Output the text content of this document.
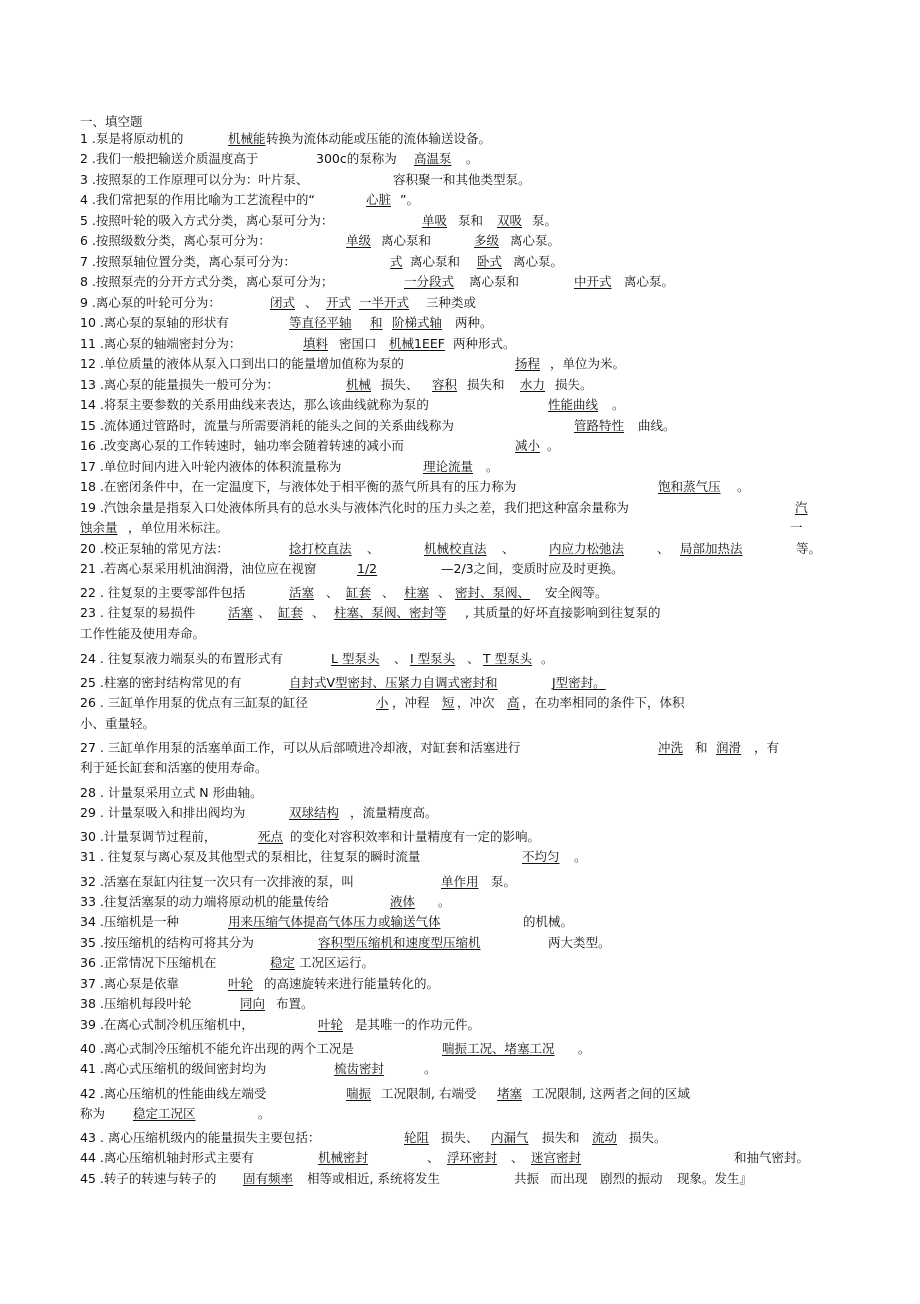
一、填空题
1 .泵是将原动机的	机械能 转换为流体动能或压能的流体输送设备。
2 .我们一般把输送介质温度高于	300c的泵称为 高温泵 。
3 .按照泵的工作原理可以分为：叶片泵、	容积聚一和其他类型泵。
4 .我们常把泵的作用比喻为工艺流程中的“	心脏 ”。
5 .按照叶轮的吸入方式分类，离心泵可分为：	单吸 泵和 双吸 泵。
6 .按照级数分类，离心泵可分为：	单级 离心泵和	多级 离心泵。
7 .按照泵轴位置分类，离心泵可分为：	式 离心泵和 卧式 离心泵。
8 .按照泵壳的分开方式分类，离心泵可分为；	一分段式 离心泵和	中开式 离心泵。
9 .离心泵的叶轮可分为：	闭式 、 开式 一半开式 三种类或
10 .离心泵的泵轴的形状有	等直径平轴 和 阶梯式轴 两种。
11 .离心泵的轴端密封分为：	填料 密国口 机械1EEF 两种形式。
12 .单位质量的液体从泵入口到出口的能量增加值称为泵的	扬程 ，单位为米。
13 .离心泵的能量损失一般可分为：	机械 损失、 容积 损失和 水力 损失。
14 .将泵主要参数的关系用曲线来表达，那么该曲线就称为泵的	性能曲线 。
15 .流体通过管路时，流量与所需要消耗的能头之间的关系曲线称为	管路特性 曲线。
16 .改变离心泵的工作转速时，轴功率会随着转速的减小而	减小 。
17 .单位时间内进入叶轮内液体的体积流量称为	理论流量 。
18 .在密闭条件中，在一定温度下，与液体处于相平衡的蒸气所具有的压力称为	饱和蒸气压 。
19 .汽蚀余量是指泵入口处液体所具有的总水头与液体汽化时的压力头之差，我们把这种富余量称为	汽
蚀余量 ，单位用米标注。	一
20 .校正泵轴的常见方法：	捻打校直法 、	机械校直法 、	内应力松弛法	、 局部加热法	等。
21 .若离心泵采用机油润滑，油位应在视窗	1/2	—2/3之间，变质时应及时更换。
22 . 往复泵的主要零部件包括	活塞 、 缸套 、 柱塞 、 密封、泵阀、 安全阀等。
23 . 往复泵的易损件	活塞 、 缸套 、 柱塞、泵阀、密封等 , 其质量的好坏直接影响到往复泵的
工作性能及使用寿命。
24 . 往复泵液力端泵头的布置形式有	L 型泵头 、 I 型泵头 、 T 型泵头 。
25 .柱塞的密封结构常见的有	自封式V型密封、压紧力自调式密封和	J型密封。
26 . 三缸单作用泵的优点有三缸泵的缸径	小 ，冲程 短 ，冲次 高 ，在功率相同的条件下，体积
小、重量轻。
27 . 三缸单作用泵的活塞单面工作，可以从后部喷进冷却液，对缸套和活塞进行	冲洗 和 润滑 ，有
利于延长缸套和活塞的使用寿命。
28 . 计量泵采用立式 N 形曲轴。
29 . 计量泵吸入和排出阀均为	双球结构 ，流量精度高。
30 .计量泵调节过程前，	死点 的变化对容积效率和计量精度有一定的影响。
31 . 往复泵与离心泵及其他型式的泵相比，往复泵的瞬时流量	不均匀 。
32 .活塞在泵缸内往复一次只有一次排液的泵，叫	单作用 泵。
33 .往复活塞泵的动力端将原动机的能量传给	液体 。
34 .压缩机是一种	用来压缩气体提高气体压力或输送气体	的机械。
35 .按压缩机的结构可将其分为	容积型压缩机和速度型压缩机	两大类型。
36 .正常情况下压缩机在	稳定 工况区运行。
37 .离心泵是依靠	叶轮 的高速旋转来进行能量转化的。
38 .压缩机每段叶轮	同向 布置。
39 .在离心式制冷机压缩机中，	叶轮 是其唯一的作功元件。
40 .离心式制冷压缩机不能允许出现的两个工况是	喘振工况、堵塞工况 。
41 .离心式压缩机的级间密封均为	梳齿密封	。
42 .离心压缩机的性能曲线左端受	喘振 工况限制, 右端受 堵塞 工况限制, 这两者之间的区域
称为 稳定工况区	。
43 . 离心压缩机级内的能量损失主要包括：	轮阻 损失、 内漏气 损失和 流动 损失。
44 .离心压缩机轴封形式主要有	机械密封	、 浮环密封 、 迷宫密封	和抽气密封。
45 .转子的转速与转子的 固有频率 相等或相近, 系统将发生	共振 而出现 剧烈的振动 现象。发生』
